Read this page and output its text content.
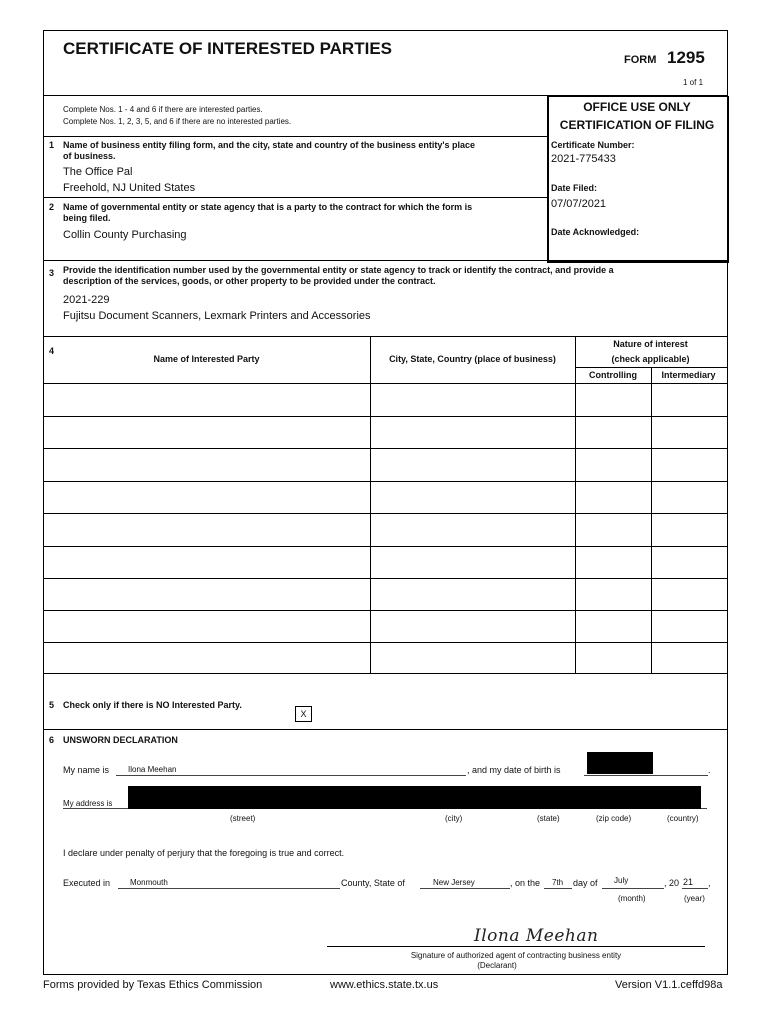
CERTIFICATE OF INTERESTED PARTIES
FORM 1295
1 of 1
Complete Nos. 1 - 4 and 6 if there are interested parties.
Complete Nos. 1, 2, 3, 5, and 6 if there are no interested parties.
OFFICE USE ONLY
CERTIFICATION OF FILING
Certificate Number:
2021-775433
Date Filed:
07/07/2021
Date Acknowledged:
1 Name of business entity filing form, and the city, state and country of the business entity's place
of business.
The Office Pal
Freehold, NJ United States
2 Name of governmental entity or state agency that is a party to the contract for which the form is
being filed.
Collin County Purchasing
3 Provide the identification number used by the governmental entity or state agency to track or identify the contract, and provide a
description of the services, goods, or other property to be provided under the contract.
2021-229
Fujitsu Document Scanners, Lexmark Printers and Accessories
4
Name of Interested Party	City, State, Country (place of business)
Nature of interest
(check applicable)
Controlling	Intermediary
5 Check only if there is NO Interested Party.
X
6 UNSWORN DECLARATION
My name is Ilona Meehan	, and my date of birth is	.
My address is
(street)	(city)	(state)	(zip code)	(country)
I declare under penalty of perjury that the foregoing is true and correct.
Executed in Monmouth	County, State of	New Jersey	, on the 7th day of July	, 20 21 ,
(month)	(year)
Ilona Meehan
Signature of authorized agent of contracting business entity
(Declarant)
Forms provided by Texas Ethics Commission	www.ethics.state.tx.us	Version V1.1.ceffd98a
